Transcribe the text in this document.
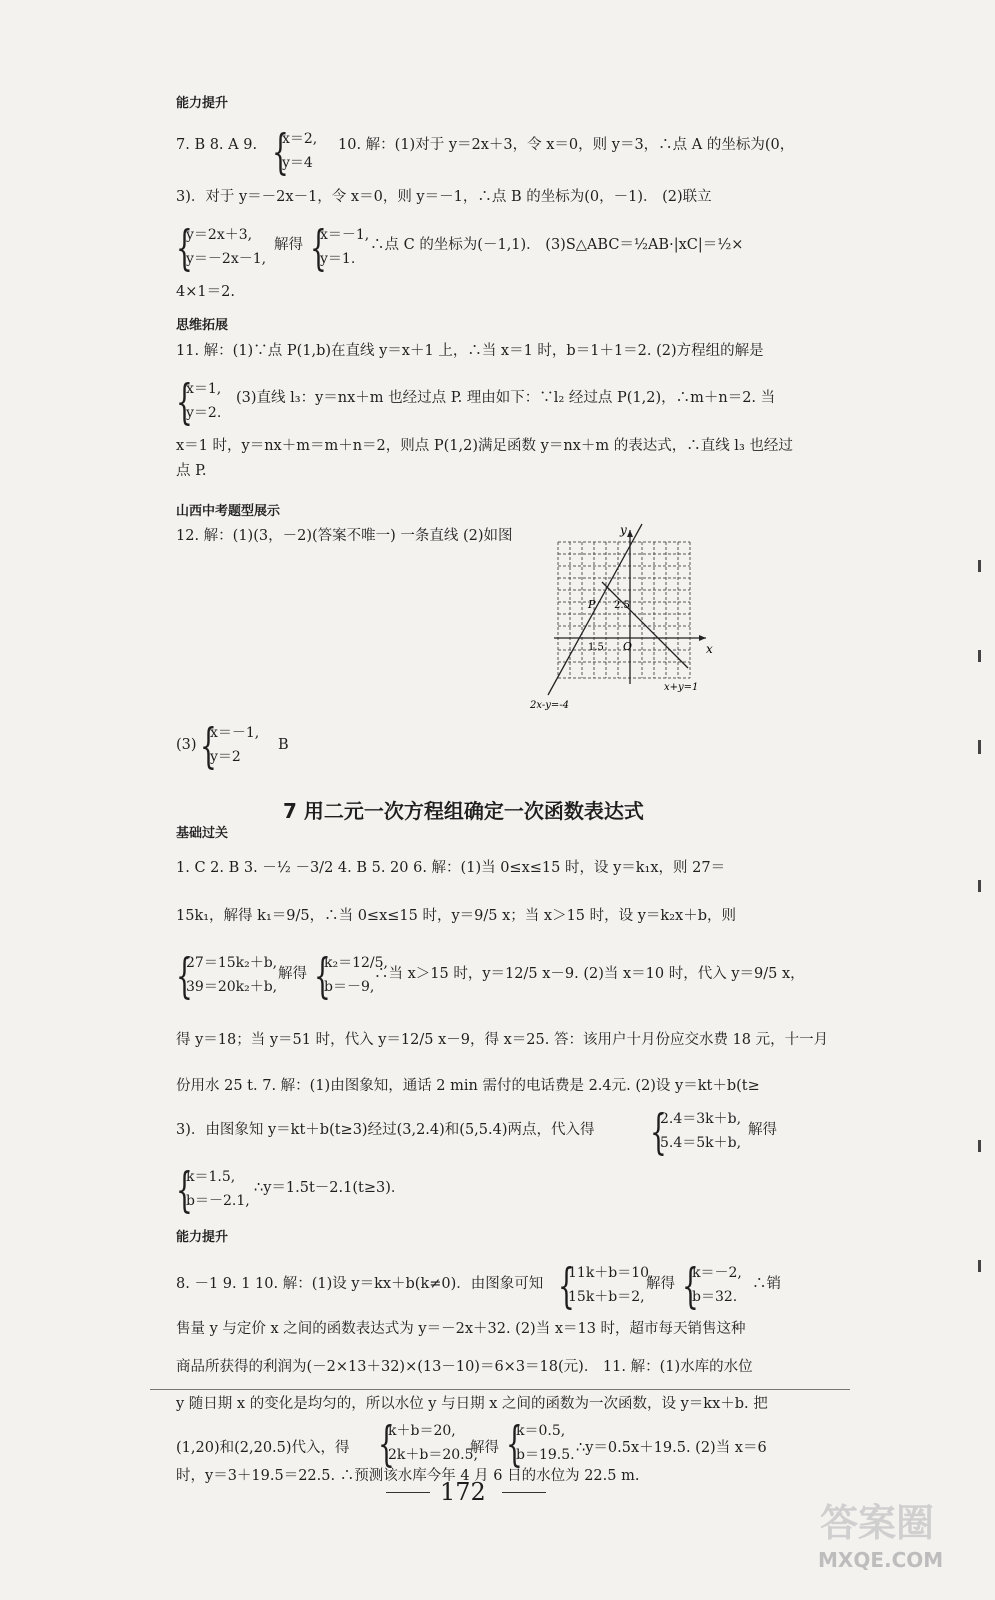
能力提升
7. B 8. A 9. {
x＝2,
y＝4
10. 解：(1)对于 y＝2x＋3，令 x＝0，则 y＝3，∴点 A 的坐标为(0，
3)．对于 y＝－2x－1，令 x＝0，则 y＝－1，∴点 B 的坐标为(0，－1)． (2)联立
{
y＝2x＋3,
y＝－2x－1,
解得 {
x＝－1,
y＝1.
∴点 C 的坐标为(－1,1)． (3)S△ABC＝½AB·|xC|＝½×
4×1＝2.
思维拓展
11. 解：(1)∵点 P(1,b)在直线 y＝x＋1 上，∴当 x＝1 时，b＝1＋1＝2. (2)方程组的解是
{
x＝1,
y＝2.
(3)直线 l₃：y＝nx＋m 也经过点 P. 理由如下：∵l₂ 经过点 P(1,2)，∴m＋n＝2. 当
x＝1 时，y＝nx＋m＝m＋n＝2，则点 P(1,2)满足函数 y＝nx＋m 的表达式，∴直线 l₃ 也经过
点 P.
山西中考题型展示
12. 解：(1)(3，－2)(答案不唯一) 一条直线 (2)如图
x
y
O
P 2.5
1.5
2x-y=-4
x+y=1
(3) {
x＝－1,
y＝2
B
7 用二元一次方程组确定一次函数表达式
基础过关
1. C 2. B 3. －½ －3/2 4. B 5. 20 6. 解：(1)当 0≤x≤15 时，设 y＝k₁x，则 27＝
15k₁，解得 k₁＝9/5，∴当 0≤x≤15 时，y＝9/5 x；当 x＞15 时，设 y＝k₂x＋b，则
{
27＝15k₂＋b,
39＝20k₂＋b,
解得 {
k₂＝12/5,
b＝－9,
∴当 x＞15 时，y＝12/5 x－9. (2)当 x＝10 时，代入 y＝9/5 x，
得 y＝18；当 y＝51 时，代入 y＝12/5 x－9，得 x＝25. 答：该用户十月份应交水费 18 元，十一月
份用水 25 t. 7. 解：(1)由图象知，通话 2 min 需付的电话费是 2.4元. (2)设 y＝kt＋b(t≥
3)．由图象知 y＝kt＋b(t≥3)经过(3,2.4)和(5,5.4)两点，代入得	{
2.4＝3k＋b,
5.4＝5k＋b,
解得
{
k＝1.5,
b＝－2.1,
∴y＝1.5t－2.1(t≥3)．
能力提升
8. －1 9. 1 10. 解：(1)设 y＝kx＋b(k≠0)．由图象可知 {
11k＋b＝10,
15k＋b＝2,
解得 {
k＝－2,
b＝32.
∴销
售量 y 与定价 x 之间的函数表达式为 y＝－2x＋32. (2)当 x＝13 时，超市每天销售这种
商品所获得的利润为(－2×13＋32)×(13－10)＝6×3＝18(元)． 11. 解：(1)水库的水位
y 随日期 x 的变化是均匀的，所以水位 y 与日期 x 之间的函数为一次函数，设 y＝kx＋b. 把
(1,20)和(2,20.5)代入，得 {
k＋b＝20,
2k＋b＝20.5,
解得 {
k＝0.5,
b＝19.5. ∴y＝0.5x＋19.5. (2)当 x＝6
时，y＝3＋19.5＝22.5. ∴预测该水库今年 4 月 6 日的水位为 22.5 m.
172
答案圈
MXQE.COM
